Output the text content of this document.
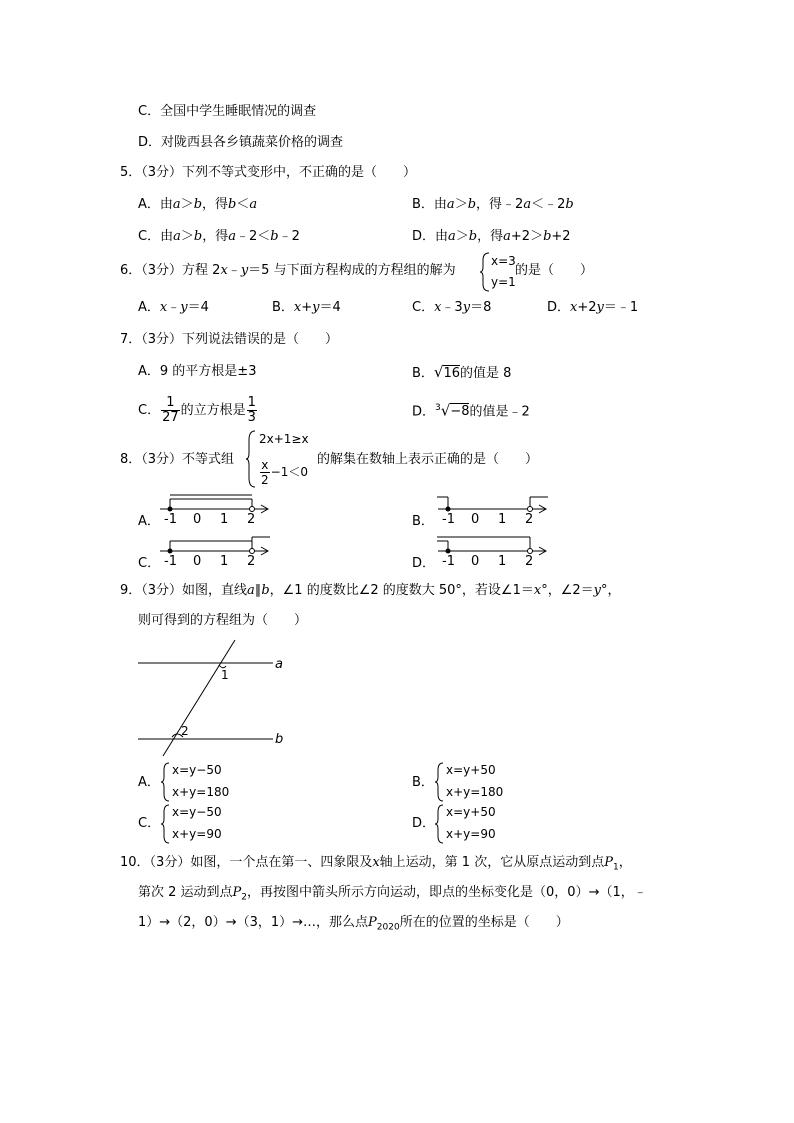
C．全国中学生睡眠情况的调查
D．对陇西县各乡镇蔬菜价格的调查
5．（3分）下列不等式变形中，不正确的是（　　）
A．由a＞b，得b＜a	B．由a＞b，得﹣2a＜﹣2b
C．由a＞b，得a﹣2＜b﹣2	D．由a＞b，得a+2＞b+2
6．（3分）方程 2x﹣y＝5 与下面方程构成的方程组的解为
x=3
y=1
的是（　　）
A．x﹣y＝4	B．x+y＝4	C．x﹣3y＝8	D．x+2y＝﹣1
7．（3分）下列说法错误的是（　　）
A．9 的平方根是±3	B．√16的值是 8
C． $\frac{1}{27}$ 的立方根是 $\frac{1}{3}$	D．$^3$√−8的值是﹣2
8．（3分）不等式组
2x+1≥x
$\frac{x}{2} -1<0$
的解集在数轴上表示正确的是（　　）
A．	B．
C．	D．
-1 0 1 2	-1 0 1 2
-1 0 1 2	-1 0 1 2
9．（3分）如图，直线a∥b，∠1 的度数比∠2 的度数大 50°，若设∠1＝x°，∠2＝y°，
则可得到的方程组为（　　）
a
b
1
2
A．
x=y−50
x+y=180
B．
x=y+50
x+y=180
C．
x=y−50
x+y=90
D．
x=y+50
x+y=90
10．（3分）如图，一个点在第一、四象限及x轴上运动，第 1 次，它从原点运动到点$P_1$，
第次 2 运动到点$P_2$，再按图中箭头所示方向运动，即点的坐标变化是（0，0）→（1，﹣
1）→（2，0）→（3，1）→…，那么点$P_{2020}$所在的位置的坐标是（　　）
